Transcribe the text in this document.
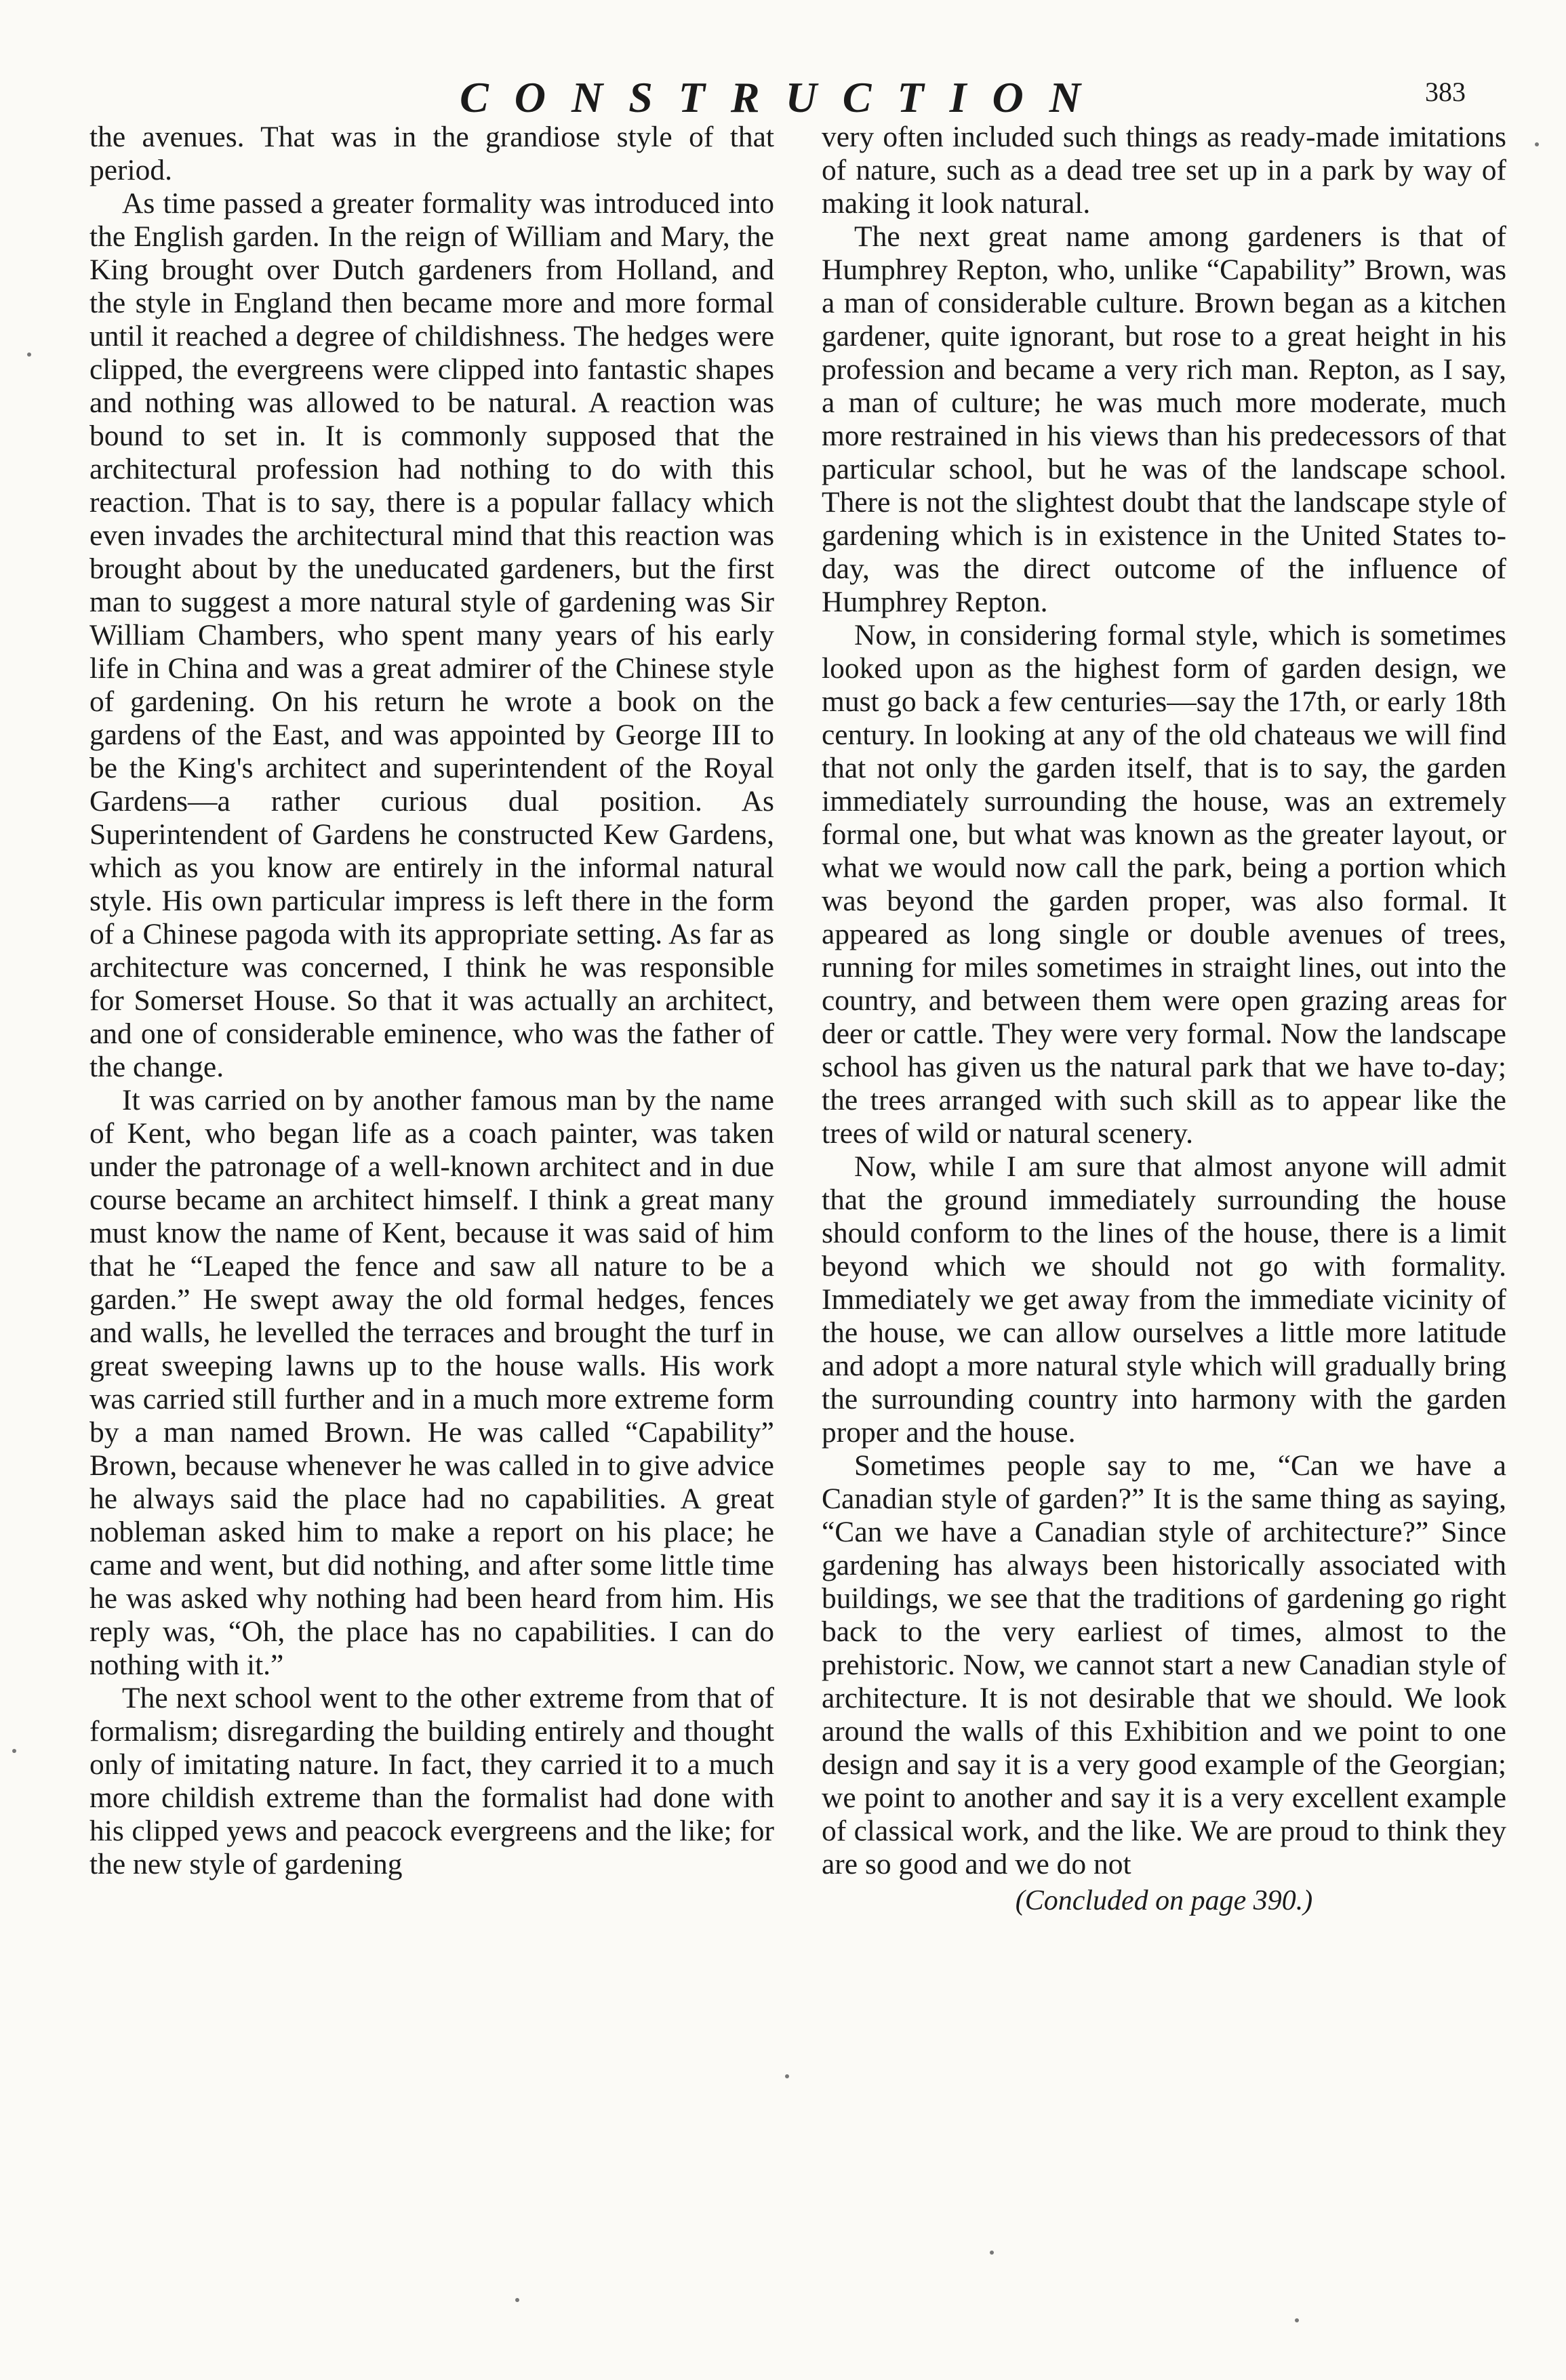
CONSTRUCTION	383

the avenues. That was in the grandiose style of that period.

As time passed a greater formality was introduced into the English garden. In the reign of William and Mary, the King brought over Dutch gardeners from Holland, and the style in England then became more and more formal until it reached a degree of childishness. The hedges were clipped, the evergreens were clipped into fantastic shapes and nothing was allowed to be natural. A reaction was bound to set in. It is commonly supposed that the architectural profession had nothing to do with this reaction. That is to say, there is a popular fallacy which even invades the architectural mind that this reaction was brought about by the uneducated gardeners, but the first man to suggest a more natural style of gardening was Sir William Chambers, who spent many years of his early life in China and was a great admirer of the Chinese style of gardening. On his return he wrote a book on the gardens of the East, and was appointed by George III to be the King's architect and superintendent of the Royal Gardens—a rather curious dual position. As Superintendent of Gardens he constructed Kew Gardens, which as you know are entirely in the informal natural style. His own particular impress is left there in the form of a Chinese pagoda with its appropriate setting. As far as architecture was concerned, I think he was responsible for Somerset House. So that it was actually an architect, and one of considerable eminence, who was the father of the change.

It was carried on by another famous man by the name of Kent, who began life as a coach painter, was taken under the patronage of a well-known architect and in due course became an architect himself. I think a great many must know the name of Kent, because it was said of him that he “Leaped the fence and saw all nature to be a garden.” He swept away the old formal hedges, fences and walls, he levelled the terraces and brought the turf in great sweeping lawns up to the house walls. His work was carried still further and in a much more extreme form by a man named Brown. He was called “Capability” Brown, because whenever he was called in to give advice he always said the place had no capabilities. A great nobleman asked him to make a report on his place; he came and went, but did nothing, and after some little time he was asked why nothing had been heard from him. His reply was, “Oh, the place has no capabilities. I can do nothing with it.”

The next school went to the other extreme from that of formalism; disregarding the building entirely and thought only of imitating nature. In fact, they carried it to a much more childish extreme than the formalist had done with his clipped yews and peacock evergreens and the like; for the new style of gardening

very often included such things as ready-made imitations of nature, such as a dead tree set up in a park by way of making it look natural.

The next great name among gardeners is that of Humphrey Repton, who, unlike “Capability” Brown, was a man of considerable culture. Brown began as a kitchen gardener, quite ignorant, but rose to a great height in his profession and became a very rich man. Repton, as I say, a man of culture; he was much more moderate, much more restrained in his views than his predecessors of that particular school, but he was of the landscape school. There is not the slightest doubt that the landscape style of gardening which is in existence in the United States to-day, was the direct outcome of the influence of Humphrey Repton.

Now, in considering formal style, which is sometimes looked upon as the highest form of garden design, we must go back a few centuries—say the 17th, or early 18th century. In looking at any of the old chateaus we will find that not only the garden itself, that is to say, the garden immediately surrounding the house, was an extremely formal one, but what was known as the greater layout, or what we would now call the park, being a portion which was beyond the garden proper, was also formal. It appeared as long single or double avenues of trees, running for miles sometimes in straight lines, out into the country, and between them were open grazing areas for deer or cattle. They were very formal. Now the landscape school has given us the natural park that we have to-day; the trees arranged with such skill as to appear like the trees of wild or natural scenery.

Now, while I am sure that almost anyone will admit that the ground immediately surrounding the house should conform to the lines of the house, there is a limit beyond which we should not go with formality. Immediately we get away from the immediate vicinity of the house, we can allow ourselves a little more latitude and adopt a more natural style which will gradually bring the surrounding country into harmony with the garden proper and the house.

Sometimes people say to me, “Can we have a Canadian style of garden?” It is the same thing as saying, “Can we have a Canadian style of architecture?” Since gardening has always been historically associated with buildings, we see that the traditions of gardening go right back to the very earliest of times, almost to the prehistoric. Now, we cannot start a new Canadian style of architecture. It is not desirable that we should. We look around the walls of this Exhibition and we point to one design and say it is a very good example of the Georgian; we point to another and say it is a very excellent example of classical work, and the like. We are proud to think they are so good and we do not

(Concluded on page 390.)
